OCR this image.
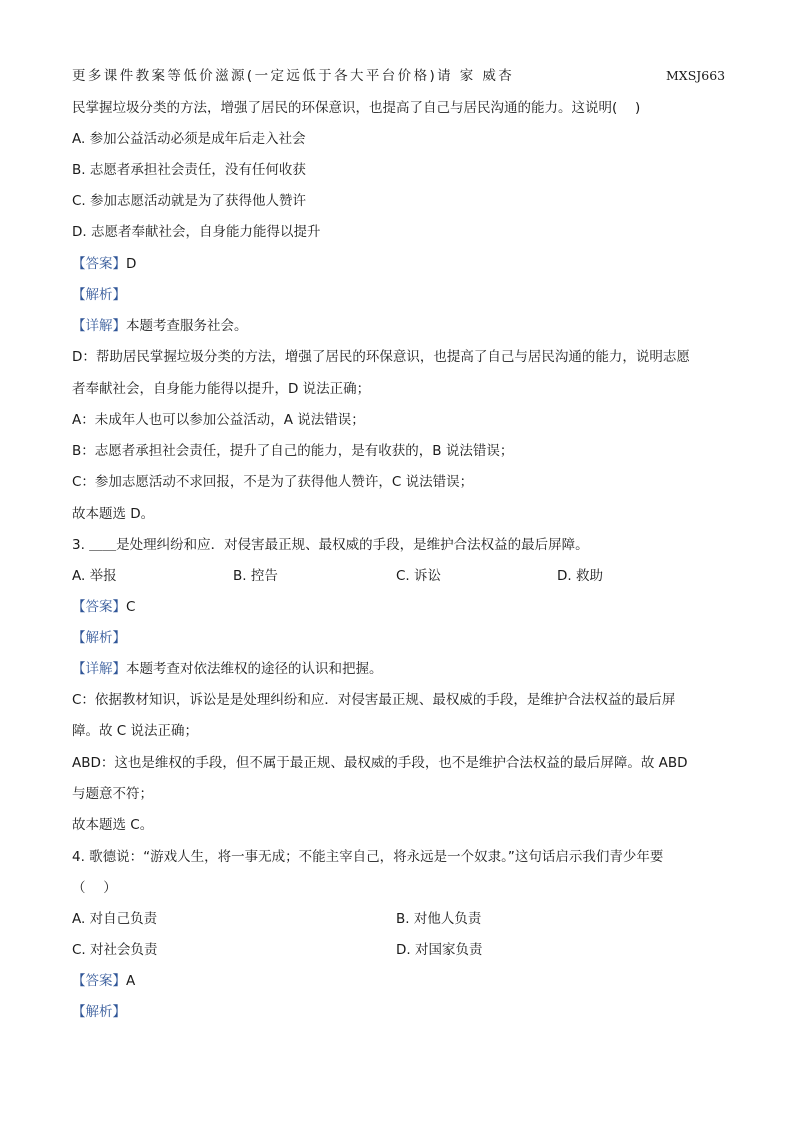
更多课件教案等低价滋源(一定远低于各大平台价格)请 家 威杏	MXSJ663
民掌握垃圾分类的方法，增强了居民的环保意识，也提高了自己与居民沟通的能力。这说明(　 )
A. 参加公益活动必须是成年后走入社会
B. 志愿者承担社会责任，没有任何收获
C. 参加志愿活动就是为了获得他人赞许
D. 志愿者奉献社会，自身能力能得以提升
【答案】D
【解析】
【详解】本题考查服务社会。
D：帮助居民掌握垃圾分类的方法，增强了居民的环保意识，也提高了自己与居民沟通的能力，说明志愿
者奉献社会，自身能力能得以提升，D 说法正确；
A：未成年人也可以参加公益活动，A 说法错误；
B：志愿者承担社会责任，提升了自己的能力，是有收获的，B 说法错误；
C：参加志愿活动不求回报，不是为了获得他人赞许，C 说法错误；
故本题选 D。
3. ＿＿是处理纠纷和应．对侵害最正规、最权威的手段，是维护合法权益的最后屏障。
A. 举报	B. 控告	C. 诉讼	D. 救助
【答案】C
【解析】
【详解】本题考查对依法维权的途径的认识和把握。
C：依据教材知识，诉讼是是处理纠纷和应．对侵害最正规、最权威的手段，是维护合法权益的最后屏
障。故 C 说法正确；
ABD：这也是维权的手段，但不属于最正规、最权威的手段，也不是维护合法权益的最后屏障。故 ABD
与题意不符；
故本题选 C。
4. 歌德说：“游戏人生，将一事无成；不能主宰自己，将永远是一个奴隶。”这句话启示我们青少年要
（　 ）
A. 对自己负责	B. 对他人负责
C. 对社会负责	D. 对国家负责
【答案】A
【解析】
